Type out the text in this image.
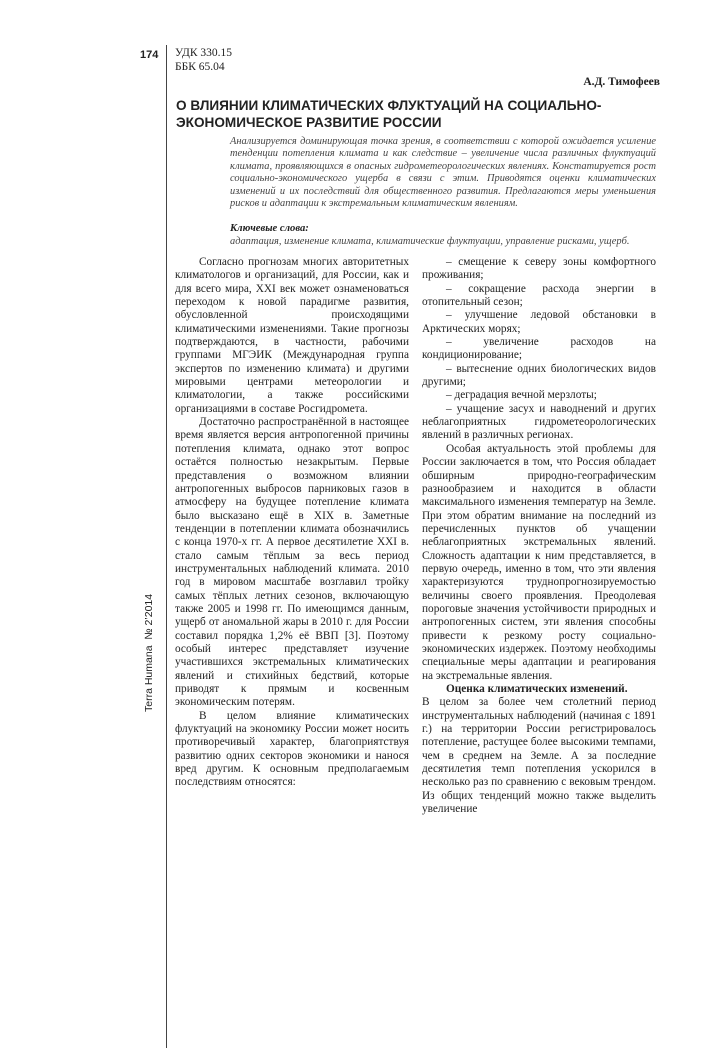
174 УДК 330.15
ББК 65.04
Terra Humana  № 2’2014
А.Д. Тимофеев
О ВЛИЯНИИ КЛИМАТИЧЕСКИХ ФЛУКТУАЦИЙ НА СОЦИАЛЬНО-ЭКОНОМИЧЕСКОЕ РАЗВИТИЕ РОССИИ

Анализируется доминирующая точка зрения, в соответствии с которой ожидается усиление тенденции потепления климата и как следствие – увеличение числа различных флуктуаций климата, проявляющихся в опасных гидрометеорологических явлениях. Констатируется рост социально-экономического ущерба в связи с этим. Приводятся оценки климатических изменений и их последствий для общественного развития. Предлагаются меры уменьшения рисков и адаптации к экстремальным климатическим явлениям.

Ключевые слова:
адаптация, изменение климата, климатические флуктуации, управление рисками, ущерб.

Согласно прогнозам многих авторитетных климатологов и организаций, для России, как и для всего мира, XXI век может ознаменоваться переходом к новой парадигме развития, обусловленной происходящими климатическими изменениями. Такие прогнозы подтверждаются, в частности, рабочими группами МГЭИК (Международная группа экспертов по изменению климата) и другими мировыми центрами метеорологии и климатологии, а также российскими организациями в составе Росгидромета.

Достаточно распространённой в настоящее время является версия антропогенной причины потепления климата, однако этот вопрос остаётся полностью незакрытым. Первые представления о возможном влиянии антропогенных выбросов парниковых газов в атмосферу на будущее потепление климата было высказано ещё в XIX в. Заметные тенденции в потеплении климата обозначились с конца 1970-х гг. А первое десятилетие XXI в. стало самым тёплым за весь период инструментальных наблюдений климата. 2010 год в мировом масштабе возглавил тройку самых тёплых летних сезонов, включающую также 2005 и 1998 гг. По имеющимся данным, ущерб от аномальной жары в 2010 г. для России составил порядка 1,2% её ВВП [3]. Поэтому особый интерес представляет изучение участившихся экстремальных климатических явлений и стихийных бедствий, которые приводят к прямым и косвенным экономическим потерям.

В целом влияние климатических флуктуаций на экономику России может носить противоречивый характер, благоприятствуя развитию одних секторов экономики и нанося вред другим. К основным предполагаемым последствиям относятся:

– смещение к северу зоны комфортного проживания;

– сокращение расхода энергии в отопительный сезон;

– улучшение ледовой обстановки в Арктических морях;

– увеличение расходов на кондиционирование;

– вытеснение одних биологических видов другими;

– деградация вечной мерзлоты;

– учащение засух и наводнений и других неблагоприятных гидрометеорологических явлений в различных регионах.

Особая актуальность этой проблемы для России заключается в том, что Россия обладает обширным природно-географическим разнообразием и находится в области максимального изменения температур на Земле. При этом обратим внимание на последний из перечисленных пунктов об учащении неблагоприятных экстремальных явлений. Сложность адаптации к ним представляется, в первую очередь, именно в том, что эти явления характеризуются труднопрогнозируемостью величины своего проявления. Преодолевая пороговые значения устойчивости природных и антропогенных систем, эти явления способны привести к резкому росту социально-экономических издержек. Поэтому необходимы специальные меры адаптации и реагирования на экстремальные явления.

Оценка климатических изменений.

В целом за более чем столетний период инструментальных наблюдений (начиная с 1891 г.) на территории России регистрировалось потепление, растущее более высокими темпами, чем в среднем на Земле. А за последние десятилетия темп потепления ускорился в несколько раз по сравнению с вековым трендом. Из общих тенденций можно также выделить увеличение
